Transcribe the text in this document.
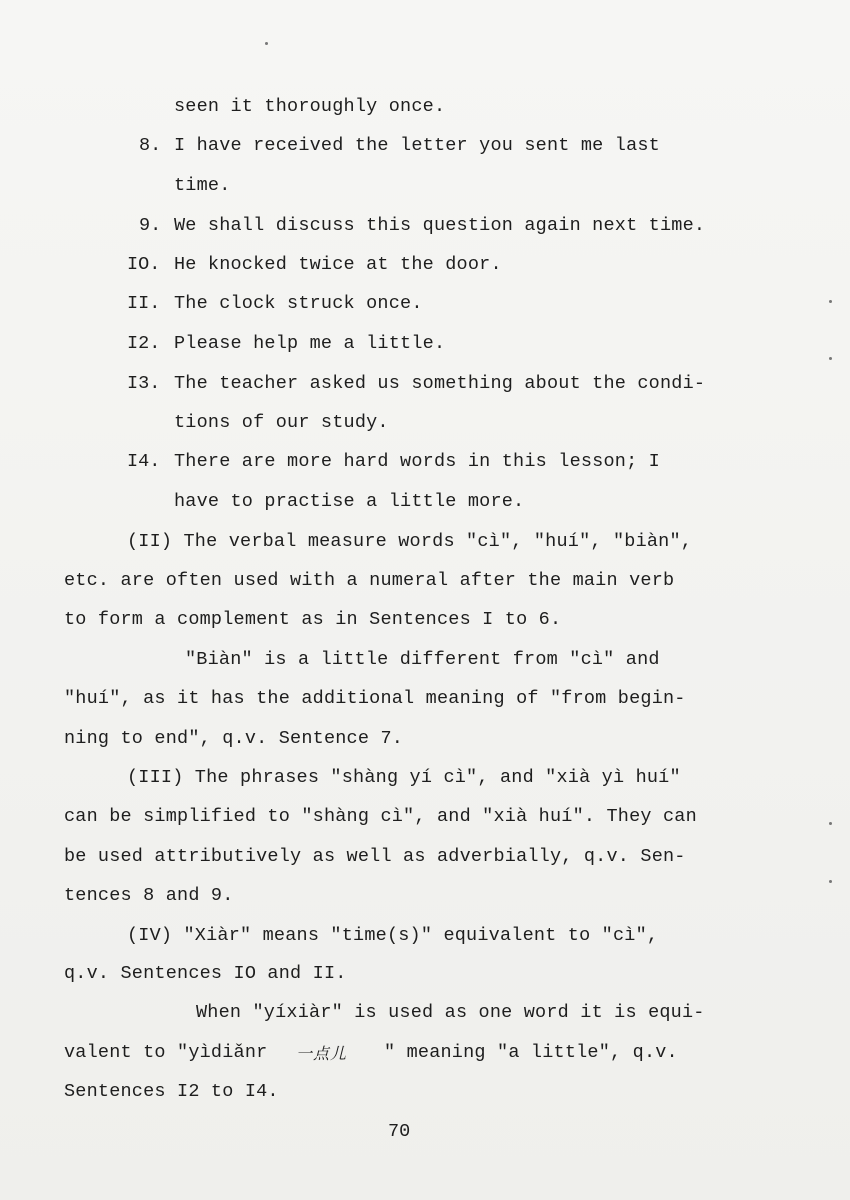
seen it thoroughly once.
8. I have received the letter you sent me last
time.
9. We shall discuss this question again next time.
IO. He knocked twice at the door.
II. The clock struck once.
I2. Please help me a little.
I3. The teacher asked us something about the condi-
tions of our study.
I4. There are more hard words in this lesson; I
have to practise a little more.
(II) The verbal measure words "cì", "huí", "biàn",
etc. are often used with a numeral after the main verb
to form a complement as in Sentences I to 6.
"Biàn" is a little different from "cì" and
"huí", as it has the additional meaning of "from begin-
ning to end", q.v. Sentence 7.
(III) The phrases "shàng yí cì", and "xià yì huí"
can be simplified to "shàng cì", and "xià huí". They can
be used attributively as well as adverbially, q.v. Sen-
tences 8 and 9.
(IV) "Xiàr" means "time(s)" equivalent to "cì",
q.v. Sentences IO and II.
When "yíxiàr" is used as one word it is equi-
valent to "yìdiǎnr 一点儿 " meaning "a little", q.v.
Sentences I2 to I4.
70
